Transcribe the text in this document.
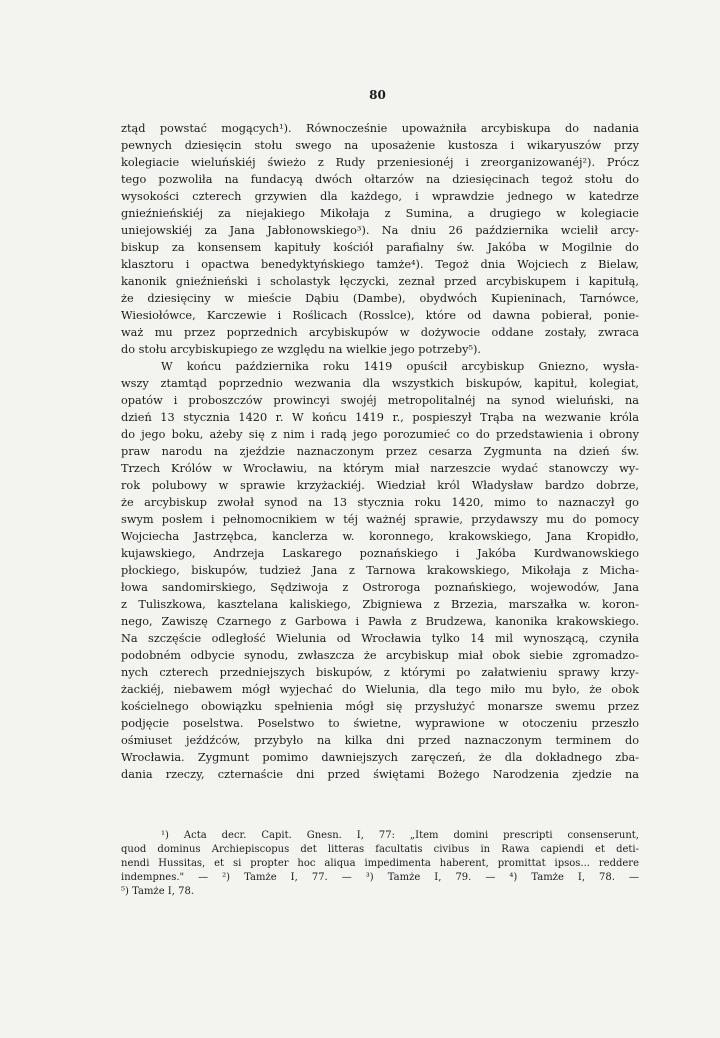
80
ztąd powstać mogących¹). Równocześnie upoważniła arcybiskupa do nadania
pewnych dziesięcin stołu swego na uposażenie kustosza i wikaryuszów przy
kolegiacie wieluńskiéj świeżo z Rudy przeniesionéj i zreorganizowanéj²). Prócz
tego pozwoliła na fundacyą dwóch ołtarzów na dziesięcinach tegoż stołu do
wysokości czterech grzywien dla każdego, i wprawdzie jednego w katedrze
gnieźnieńskiéj za niejakiego Mikołaja z Sumina, a drugiego w kolegiacie
uniejowskiéj za Jana Jabłonowskiego³). Na dniu 26 października wcielił arcy-
biskup za konsensem kapituły kościół parafialny św. Jakóba w Mogilnie do
klasztoru i opactwa benedyktyńskiego tamże⁴). Tegoż dnia Wojciech z Bielaw,
kanonik gnieźnieński i scholastyk łęczycki, zeznał przed arcybiskupem i kapitułą,
że dziesięciny w mieście Dąbiu (Dambe), obydwóch Kupieninach, Tarnówce,
Wiesiołówce, Karczewie i Rośliсach (Rosslce), które od dawna pobierał, ponie-
waż mu przez poprzednich arcybiskupów w dożywocie oddane zostały, zwraca
do stołu arcybiskupiego ze względu na wielkie jego potrzeby⁵).
W końcu października roku 1419 opuścił arcybiskup Gniezno, wysła-
wszy ztamtąd poprzednio wezwania dla wszystkich biskupów, kapituł, kolegiat,
opatów i proboszczów prowincyi swojéj metropolitalnéj na synod wieluński, na
dzień 13 stycznia 1420 r. W końcu 1419 r., pospieszył Trąba na wezwanie króla
do jego boku, ażeby się z nim i radą jego porozumieć co do przedstawienia i obrony
praw narodu na zjeździe naznaczonym przez cesarza Zygmunta na dzień św.
Trzech Królów w Wrocławiu, na którym miał narzeszcie wydać stanowczy wy-
rok polubowy w sprawie krzyżackiéj. Wiedział król Władysław bardzo dobrze,
że arcybiskup zwołał synod na 13 stycznia roku 1420, mimo to naznaczył go
swym posłem i pełnomocnikiem w téj ważnéj sprawie, przydawszy mu do pomocy
Wojciecha Jastrzębca, kanclerza w. koronnego, krakowskiego, Jana Kropidło,
kujawskiego, Andrzeja Laskarego poznańskiego i Jakóba Kurdwanowskiego
płockiego, biskupów, tudzież Jana z Tarnowa krakowskiego, Mikołaja z Micha-
łowa sandomirskiego, Sędziwoja z Ostroroga poznańskiego, wojewodów, Jana
z Tuliszkowa, kasztelana kaliskiego, Zbigniewa z Brzezia, marszałka w. koron-
nego, Zawiszę Czarnego z Garbowa i Pawła z Brudzewa, kanonika krakowskiego.
Na szczęście odległość Wielunia od Wrocławia tylko 14 mil wynoszącą, czyniła
podobném odbycie synodu, zwłaszcza że arcybiskup miał obok siebie zgromadzo-
nych czterech przedniejszych biskupów, z którymi po załatwieniu sprawy krzy-
żackiéj, niebawem mógł wyjechać do Wielunia, dla tego miło mu było, że obok
kościelnego obowiązku spełnienia mógł się przysłużyć monarsze swemu przez
podjęcie poselstwa. Poselstwo to świetne, wyprawione w otoczeniu przeszło
ośmiuset jeźdźców, przybyło na kilka dni przed naznaczonym terminem do
Wrocławia. Zygmunt pomimo dawniejszych zaręczeń, że dla dokładnego zba-
dania rzeczy, czternaście dni przed świętami Bożego Narodzenia zjedzie na
¹) Acta decr. Capit. Gnesn. I, 77: „Item domini prescripti consenserunt,
quod dominus Archiepiscopus det litteras facultatis civibus in Rawa capiendi et deti-
nendi Hussitas, et si propter hoc aliqua impedimenta haberent, promittat ipsos... reddere
indempnes." — ²) Tamże I, 77. — ³) Tamże I, 79. — ⁴) Tamże I, 78. —
⁵) Tamże I, 78.
